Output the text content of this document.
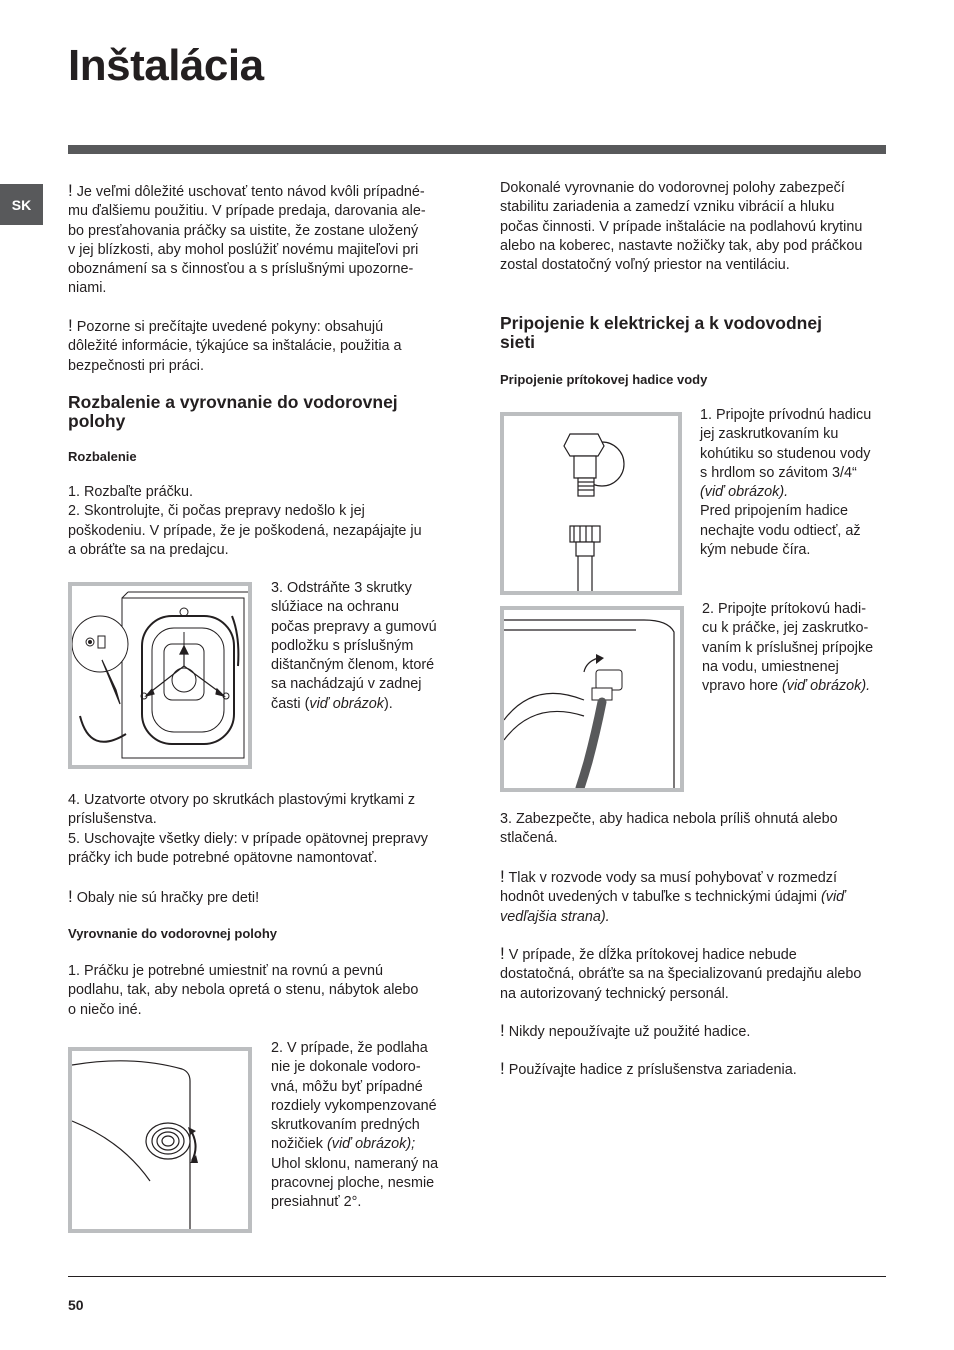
Inštalácia
SK
! Je veľmi dôležité uschovať tento návod kvôli prípadné-
mu ďalšiemu použitiu. V prípade predaja, darovania ale-
bo presťahovania práčky sa uistite, že zostane uložený
v jej blízkosti, aby mohol poslúžiť novému majiteľovi pri
oboznámení sa s činnosťou a s príslušnými upozorne-
niami.
! Pozorne si prečítajte uvedené pokyny: obsahujú
dôležité informácie, týkajúce sa inštalácie, použitia a
bezpečnosti pri práci.
Rozbalenie a vyrovnanie do vodorovnej
polohy
Rozbalenie
1. Rozbaľte práčku.
2. Skontrolujte, či počas prepravy nedošlo k jej
poškodeniu. V prípade, že je poškodená, nezapájajte ju
a obráťte sa na predajcu.
3. Odstráňte 3 skrutky
slúžiace na ochranu
počas prepravy a gumovú
podložku s príslušným
dištančným členom, ktoré
sa nachádzajú v zadnej
časti (viď obrázok).
4. Uzatvorte otvory po skrutkách plastovými krytkami z
príslušenstva.
5. Uschovajte všetky diely: v prípade opätovnej prepravy
práčky ich bude potrebné opätovne namontovať.
! Obaly nie sú hračky pre deti!
Vyrovnanie do vodorovnej polohy
1. Práčku je potrebné umiestniť na rovnú a pevnú
podlahu, tak, aby nebola opretá o stenu, nábytok alebo
o niečo iné.
2. V prípade, že podlaha
nie je dokonale vodoro-
vná, môžu byť prípadné
rozdiely vykompenzované
skrutkovaním predných
nožičiek (viď obrázok);
Uhol sklonu, nameraný na
pracovnej ploche, nesmie
presiahnuť 2°.
Dokonalé vyrovnanie do vodorovnej polohy zabezpečí
stabilitu zariadenia a zamedzí vzniku vibrácií a hluku
počas činnosti. V prípade inštalácie na podlahovú krytinu
alebo na koberec, nastavte nožičky tak, aby pod práčkou
zostal dostatočný voľný priestor na ventiláciu.
Pripojenie k elektrickej a k vodovodnej
sieti
Pripojenie prítokovej hadice vody
1. Pripojte prívodnú hadicu
jej zaskrutkovaním ku
kohútiku so studenou vody
s hrdlom so závitom 3/4“
(viď obrázok).
Pred pripojením hadice
nechajte vodu odtiecť, až
kým nebude číra.
2. Pripojte prítokovú hadi-
cu k práčke, jej zaskrutko-
vaním k príslušnej prípojke
na vodu, umiestnenej
vpravo hore (viď obrázok).
3. Zabezpečte, aby hadica nebola príliš ohnutá alebo
stlačená.
! Tlak v rozvode vody sa musí pohybovať v rozmedzí
hodnôt uvedených v tabuľke s technickými údajmi (viď
vedľajšia strana).
! V prípade, že dĺžka prítokovej hadice nebude
dostatočná, obráťte sa na špecializovanú predajňu alebo
na autorizovaný technický personál.
! Nikdy nepoužívajte už použité hadice.
! Používajte hadice z príslušenstva zariadenia.
50
